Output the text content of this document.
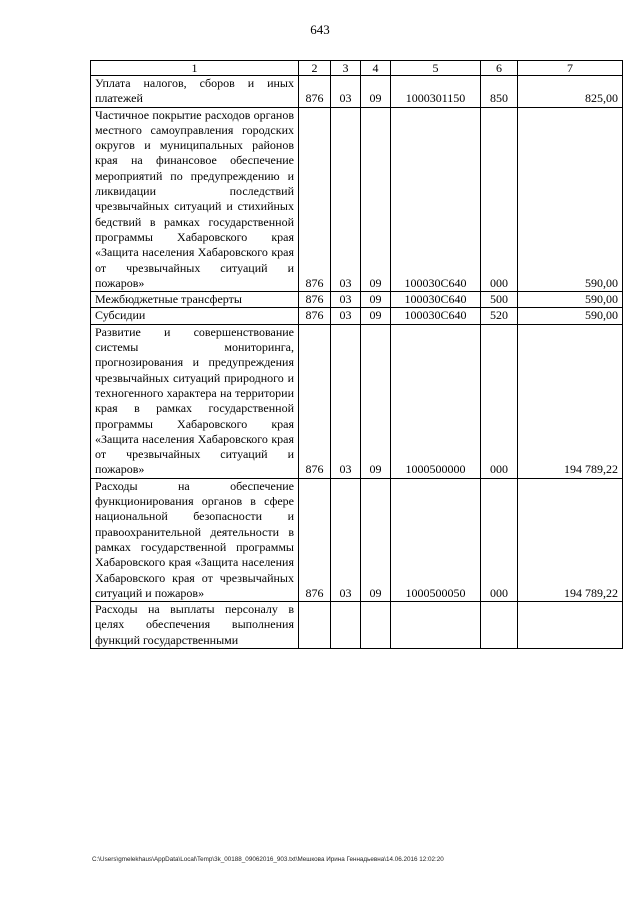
643
1	2	3	4	5	6	7
Уплата налогов, сборов и иных платежей	876	03	09	1000301150	850	825,00
Частичное покрытие расходов органов местного самоуправления городских округов и муниципальных районов края на финансовое обеспечение мероприятий по предупреждению и ликвидации последствий чрезвычайных ситуаций и стихийных бедствий в рамках государственной программы Хабаровского края «Защита населения Хабаровского края от чрезвычайных ситуаций и пожаров»	876	03	09	100030С640	000	590,00
Межбюджетные трансферты	876	03	09	100030С640	500	590,00
Субсидии	876	03	09	100030С640	520	590,00
Развитие и совершенствование системы мониторинга, прогнозирования и предупреждения чрезвычайных ситуаций природного и техногенного характера на территории края в рамках государственной программы Хабаровского края «Защита населения Хабаровского края от чрезвычайных ситуаций и пожаров»	876	03	09	1000500000	000	194 789,22
Расходы на обеспечение функционирования органов в сфере национальной безопасности и правоохранительной деятельности в рамках государственной программы Хабаровского края «Защита населения Хабаровского края от чрезвычайных ситуаций и пожаров»	876	03	09	1000500050	000	194 789,22
Расходы на выплаты персоналу в целях обеспечения выполнения функций государственными						
C:\Users\gmelekhaus\AppData\Local\Temp\3k_00188_09062016_903.txt\Мешкова Ирина Геннадьевна\14.06.2016 12:02:20
